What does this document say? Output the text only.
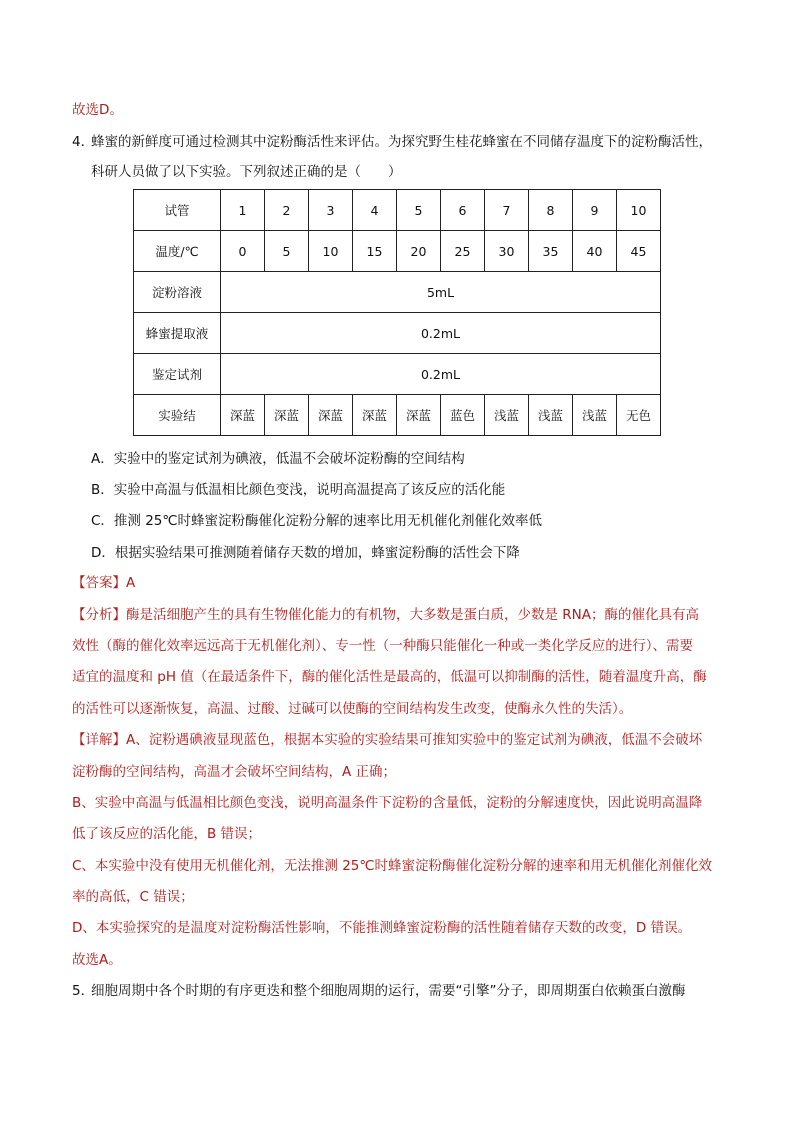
故选D。
4．
蜂蜜的新鲜度可通过检测其中淀粉酶活性来评估。为探究野生桂花蜂蜜在不同储存温度下的淀粉酶活性，
科研人员做了以下实验。下列叙述正确的是（　　）
试管	1	2	3	4	5	6	7	8	9	10
温度/℃	0	5	10	15	20	25	30	35	40	45
淀粉溶液	5mL									
蜂蜜提取液	0.2mL									
鉴定试剂	0.2mL									
实验结	深蓝	深蓝	深蓝	深蓝	深蓝	蓝色	浅蓝	浅蓝	浅蓝	无色
A．实验中的鉴定试剂为碘液，低温不会破坏淀粉酶的空间结构
B．实验中高温与低温相比颜色变浅，说明高温提高了该反应的活化能
C．推测 25℃时蜂蜜淀粉酶催化淀粉分解的速率比用无机催化剂催化效率低
D．根据实验结果可推测随着储存天数的增加，蜂蜜淀粉酶的活性会下降
【答案】A
【分析】酶是活细胞产生的具有生物催化能力的有机物，大多数是蛋白质，少数是 RNA；酶的催化具有高
效性（酶的催化效率远远高于无机催化剂）、专一性（一种酶只能催化一种或一类化学反应的进行）、需要
适宜的温度和 pH 值（在最适条件下，酶的催化活性是最高的，低温可以抑制酶的活性，随着温度升高，酶
的活性可以逐渐恢复，高温、过酸、过碱可以使酶的空间结构发生改变，使酶永久性的失活）。
【详解】A、淀粉遇碘液显现蓝色，根据本实验的实验结果可推知实验中的鉴定试剂为碘液，低温不会破坏
淀粉酶的空间结构，高温才会破坏空间结构，A 正确；
B、实验中高温与低温相比颜色变浅，说明高温条件下淀粉的含量低，淀粉的分解速度快，因此说明高温降
低了该反应的活化能，B 错误；
C、本实验中没有使用无机催化剂，无法推测 25℃时蜂蜜淀粉酶催化淀粉分解的速率和用无机催化剂催化效
率的高低，C 错误；
D、本实验探究的是温度对淀粉酶活性影响，不能推测蜂蜜淀粉酶的活性随着储存天数的改变，D 错误。
故选A。
5．
细胞周期中各个时期的有序更迭和整个细胞周期的运行，需要“引擎”分子，即周期蛋白依赖蛋白激酶
